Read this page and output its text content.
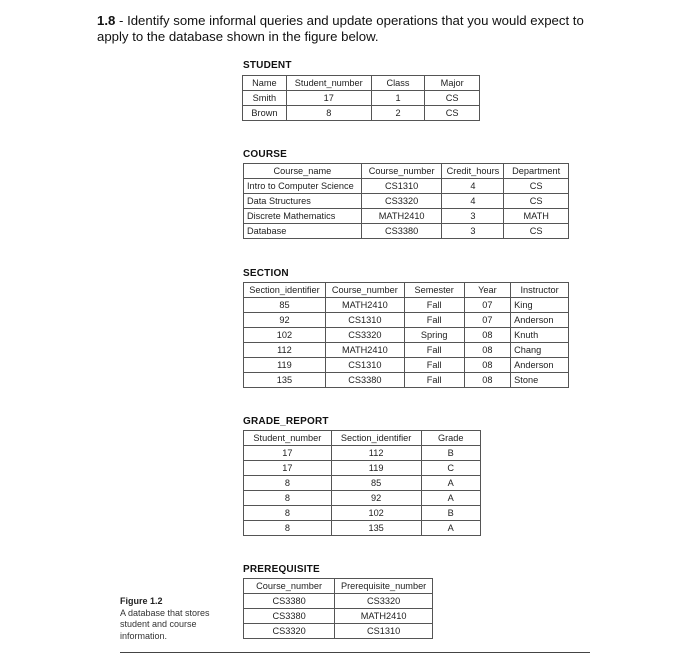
1.8 - Identify some informal queries and update operations that you would expect to apply to the database shown in the figure below.
STUDENT
Name	Student_number	Class	Major
Smith	17	1	CS
Brown	8	2	CS
COURSE
Course_name	Course_number	Credit_hours	Department
Intro to Computer Science	CS1310	4	CS
Data Structures	CS3320	4	CS
Discrete Mathematics	MATH2410	3	MATH
Database	CS3380	3	CS
SECTION
Section_identifier	Course_number	Semester	Year	Instructor
85	MATH2410	Fall	07	King
92	CS1310	Fall	07	Anderson
102	CS3320	Spring	08	Knuth
112	MATH2410	Fall	08	Chang
119	CS1310	Fall	08	Anderson
135	CS3380	Fall	08	Stone
GRADE_REPORT
Student_number	Section_identifier	Grade
17	112	B
17	119	C
8	85	A
8	92	A
8	102	B
8	135	A
PREREQUISITE
Course_number	Prerequisite_number
CS3380	CS3320
CS3380	MATH2410
CS3320	CS1310
Figure 1.2
A database that stores student and course information.
